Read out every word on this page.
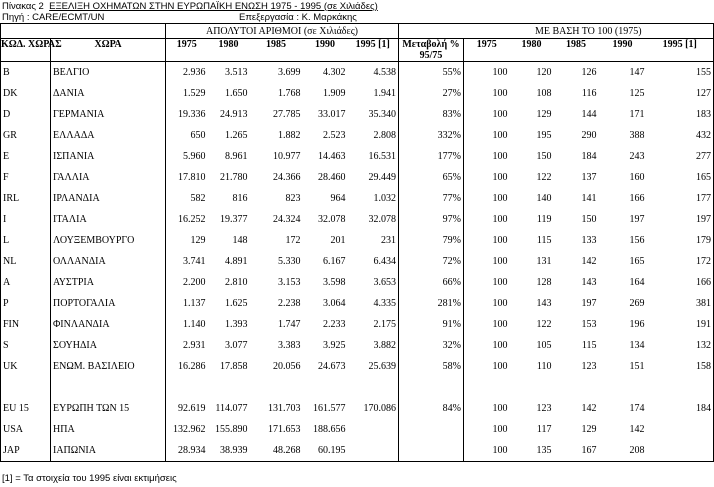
Πίνακας 2 ΕΞΕΛΙΞΗ ΟΧΗΜΑΤΩΝ ΣΤΗΝ ΕΥΡΩΠΑΪΚΗ ΕΝΩΣΗ 1975 - 1995 (σε Χιλιάδες)
Πηγή : CARE/ECMT/UN	Επεξεργασία : Κ. Μαρκάκης
		ΑΠΟΛΥΤΟΙ ΑΡΙΘΜΟΙ (σε Χιλιάδες)						ΜΕ ΒΑΣΗ ΤΟ 100 (1975)				
ΚΩΔ. ΧΩΡΑΣ	ΧΩΡΑ	1975	1980	1985	1990	1995 [1]	Μεταβολή % 95/75	1975	1980	1985	1990	1995 [1]
B	ΒΕΛΓΙΟ	2.936	3.513	3.699	4.302	4.538	55%	100	120	126	147	155
DK	ΔΑΝΙΑ	1.529	1.650	1.768	1.909	1.941	27%	100	108	116	125	127
D	ΓΕΡΜΑΝΙΑ	19.336	24.913	27.785	33.017	35.340	83%	100	129	144	171	183
GR	ΕΛΛΑΔΑ	650	1.265	1.882	2.523	2.808	332%	100	195	290	388	432
E	ΙΣΠΑΝΙΑ	5.960	8.961	10.977	14.463	16.531	177%	100	150	184	243	277
F	ΓΑΛΛΙΑ	17.810	21.780	24.366	28.460	29.449	65%	100	122	137	160	165
IRL	ΙΡΛΑΝΔΙΑ	582	816	823	964	1.032	77%	100	140	141	166	177
I	ΙΤΑΛΙΑ	16.252	19.377	24.324	32.078	32.078	97%	100	119	150	197	197
L	ΛΟΥΞΕΜΒΟΥΡΓΟ	129	148	172	201	231	79%	100	115	133	156	179
NL	ΟΛΛΑΝΔΙΑ	3.741	4.891	5.330	6.167	6.434	72%	100	131	142	165	172
A	ΑΥΣΤΡΙΑ	2.200	2.810	3.153	3.598	3.653	66%	100	128	143	164	166
P	ΠΟΡΤΟΓΑΛΙΑ	1.137	1.625	2.238	3.064	4.335	281%	100	143	197	269	381
FIN	ΦΙΝΛΑΝΔΙΑ	1.140	1.393	1.747	2.233	2.175	91%	100	122	153	196	191
S	ΣΟΥΗΔΙΑ	2.931	3.077	3.383	3.925	3.882	32%	100	105	115	134	132
UK	ΕΝΩΜ. ΒΑΣΙΛΕΙΟ	16.286	17.858	20.056	24.673	25.639	58%	100	110	123	151	158

EU 15	ΕΥΡΩΠΗ ΤΩΝ 15	92.619	114.077	131.703	161.577	170.086	84%	100	123	142	174	184
USA	ΗΠΑ	132.962	155.890	171.653	188.656			100	117	129	142	
JAP	ΙΑΠΩΝΙΑ	28.934	38.939	48.268	60.195			100	135	167	208	
[1] = Τα στοιχεία του 1995 είναι εκτιμήσεις
